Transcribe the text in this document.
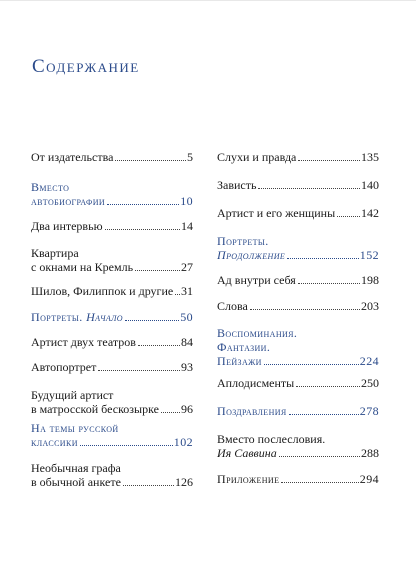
Содержание
От издательства	5
Вместо
автобиографии	10
Два интервью	14
Квартира
с окнами на Кремль	27
Шилов, Филиппок и другие 31
Портреты.
Начало	50
Артист двух театров	84
Автопортрет	93
Будущий артист
в матросской бескозырке 96
На темы русской
классики	102
Необычная графа
в обычной анкете	126
Слухи и правда	135
Зависть	140
Артист и его женщины 142
Портреты.
Продолжение	152
Ад внутри себя	198
Слова	203
Воспоминания.
Фантазии.
Пейзажи	224
Аплодисменты	250
Поздравления	278
Вместо послесловия.
Ия Саввина	288
Приложение	294
